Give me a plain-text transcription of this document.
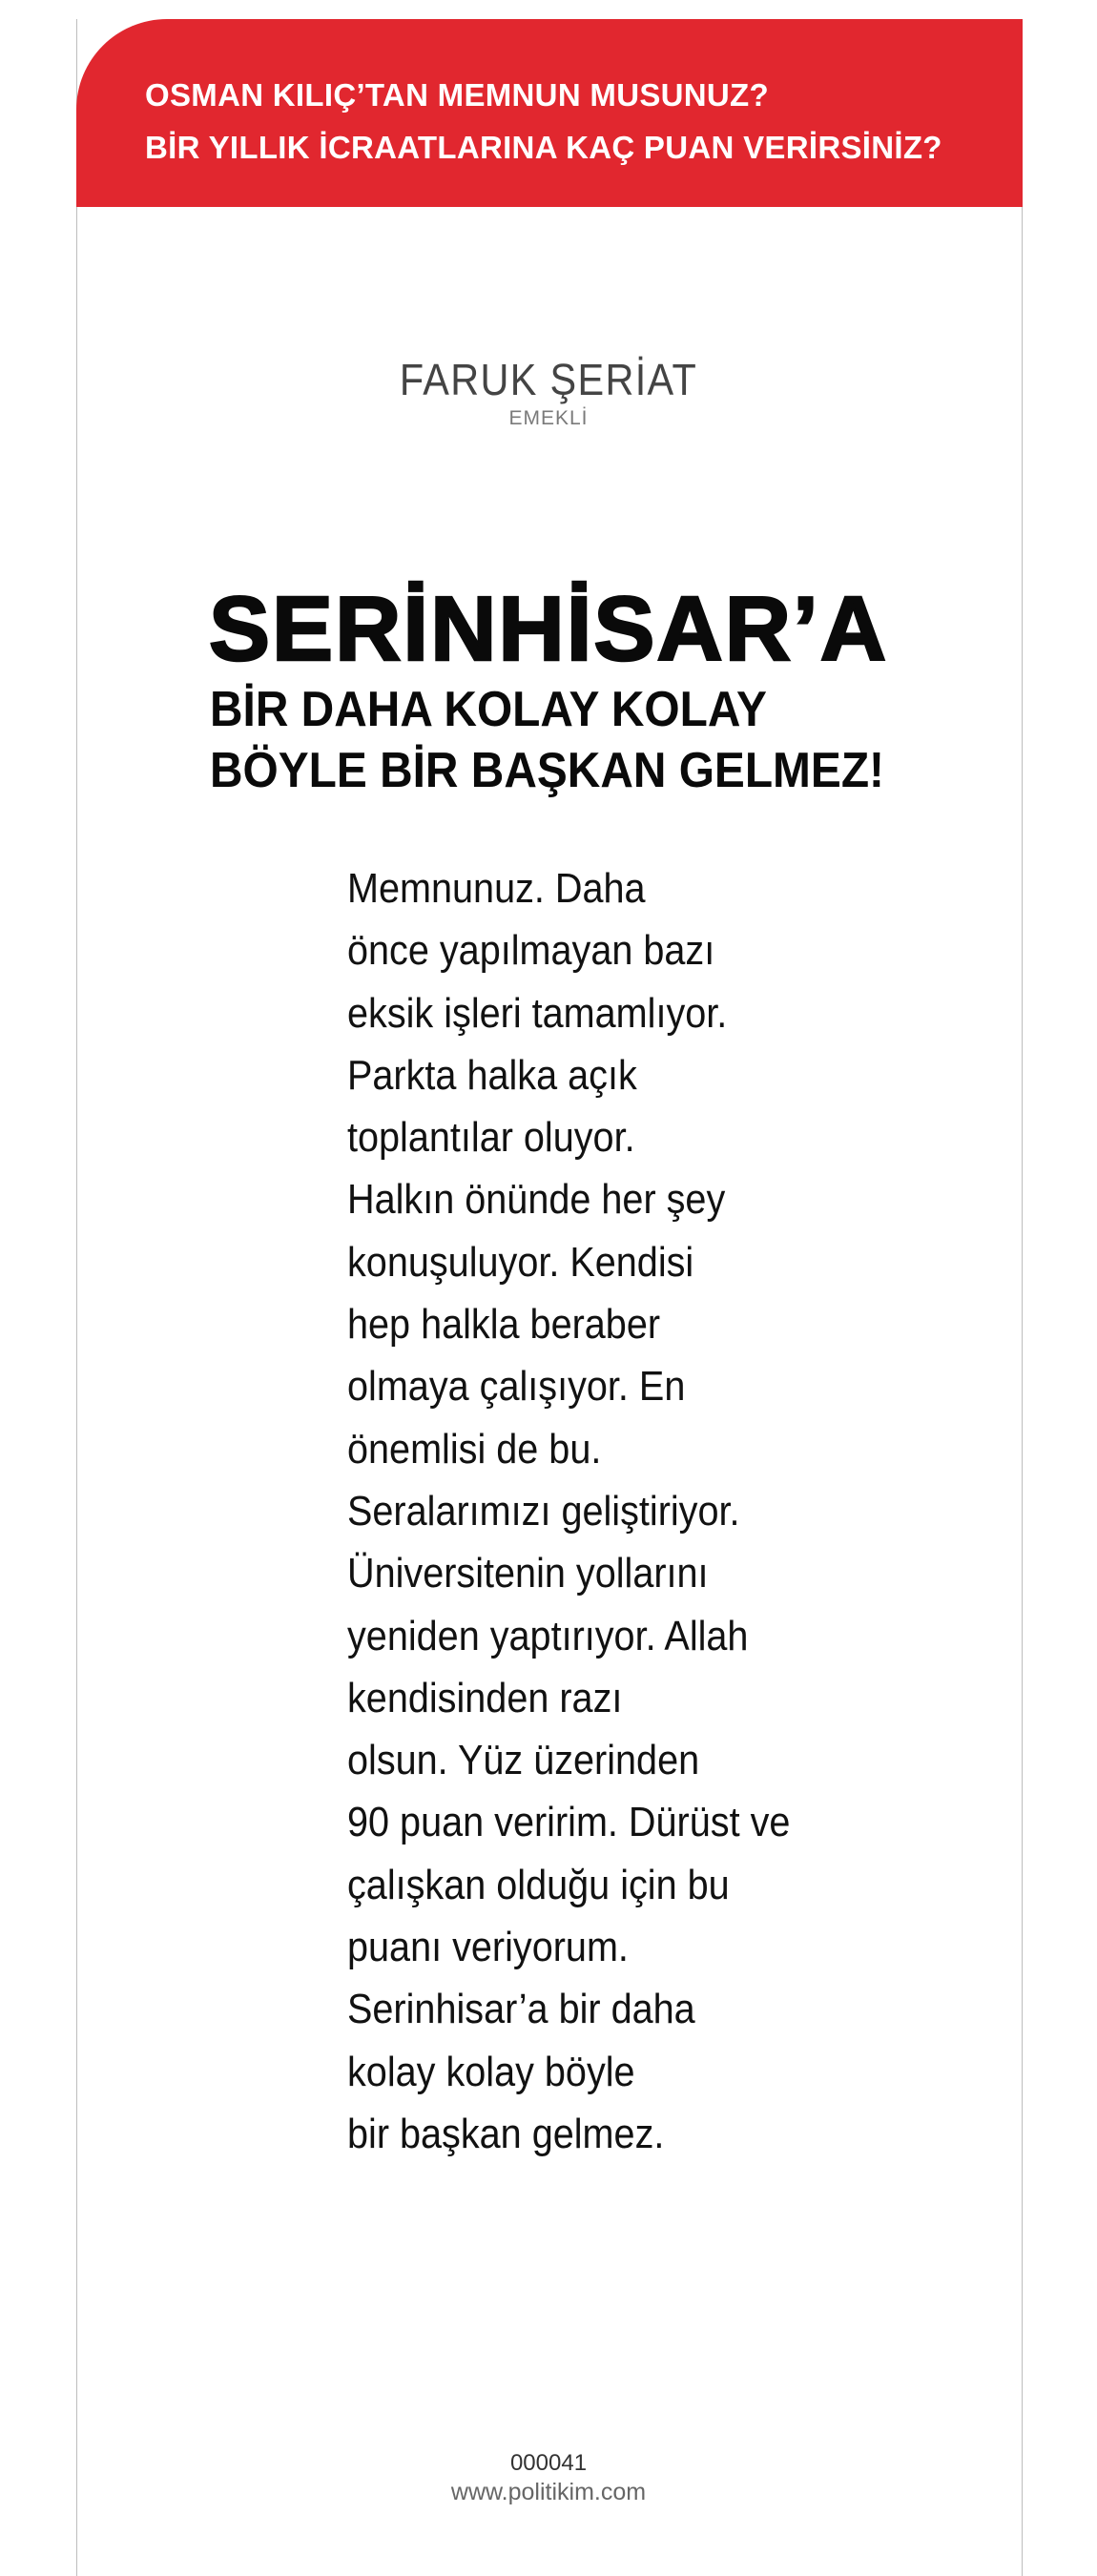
OSMAN KILIÇ’TAN MEMNUN MUSUNUZ?
BİR YILLIK İCRAATLARINA KAÇ PUAN VERİRSİNİZ?
FARUK ŞERİAT
EMEKLİ
SERİNHİSAR’A
BİR DAHA KOLAY KOLAY
BÖYLE BİR BAŞKAN GELMEZ!
Memnunuz. Daha
önce yapılmayan bazı
eksik işleri tamamlıyor.
Parkta halka açık
toplantılar oluyor.
Halkın önünde her şey
konuşuluyor. Kendisi
hep halkla beraber
olmaya çalışıyor. En
önemlisi de bu.
Seralarımızı geliştiriyor.
Üniversitenin yollarını
yeniden yaptırıyor. Allah
kendisinden razı
olsun. Yüz üzerinden
90 puan veririm. Dürüst ve
çalışkan olduğu için bu
puanı veriyorum.
Serinhisar’a bir daha
kolay kolay böyle
bir başkan gelmez.
000041
www.politikim.com
